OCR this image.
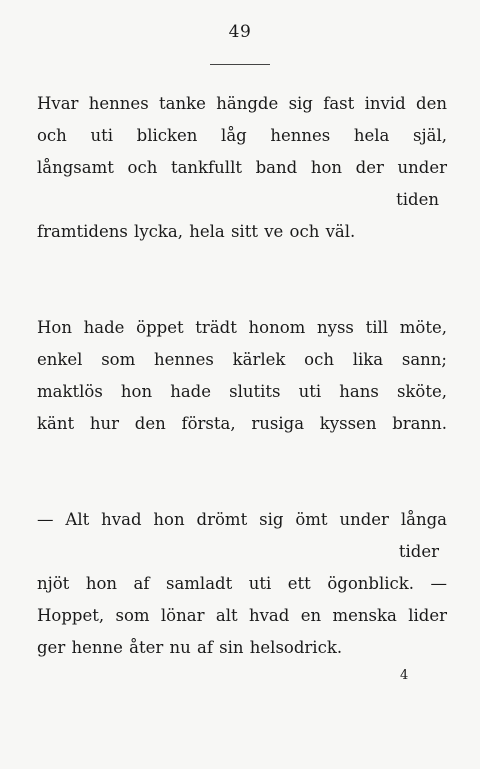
49
Hvar hennes tanke hängde sig fast invid den
och uti blicken låg hennes hela själ,
långsamt och tankfullt band hon der under
tiden
framtidens lycka, hela sitt ve och väl.
Hon hade öppet trädt honom nyss till möte,
enkel som hennes kärlek och lika sann;
maktlös hon hade slutits uti hans sköte,
känt hur den första, rusiga kyssen brann.
— Alt hvad hon drömt sig ömt under långa
tider
njöt hon af samladt uti ett ögonblick. —
Hoppet, som lönar alt hvad en menska lider
ger henne åter nu af sin helsodrick.
4
